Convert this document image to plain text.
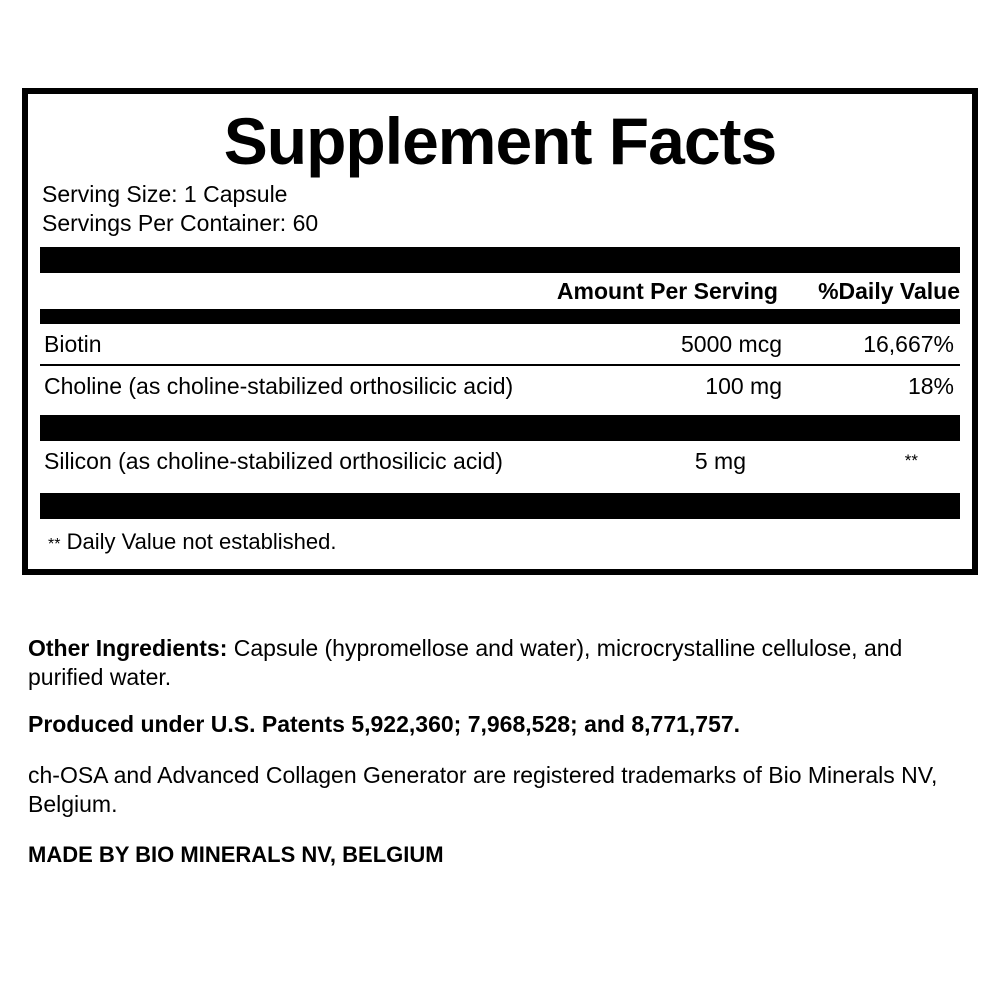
Supplement Facts
Serving Size: 1 Capsule
Servings Per Container: 60
Amount Per Serving	%Daily Value
Biotin	5000 mcg	16,667%
Choline (as choline-stabilized orthosilicic acid)	100 mg	18%
Silicon (as choline-stabilized orthosilicic acid)	5 mg	**
** Daily Value not established.
Other Ingredients: Capsule (hypromellose and water), microcrystalline cellulose, and purified water.
Produced under U.S. Patents 5,922,360; 7,968,528; and 8,771,757.
ch-OSA and Advanced Collagen Generator are registered trademarks of Bio Minerals NV, Belgium.
MADE BY BIO MINERALS NV, BELGIUM
